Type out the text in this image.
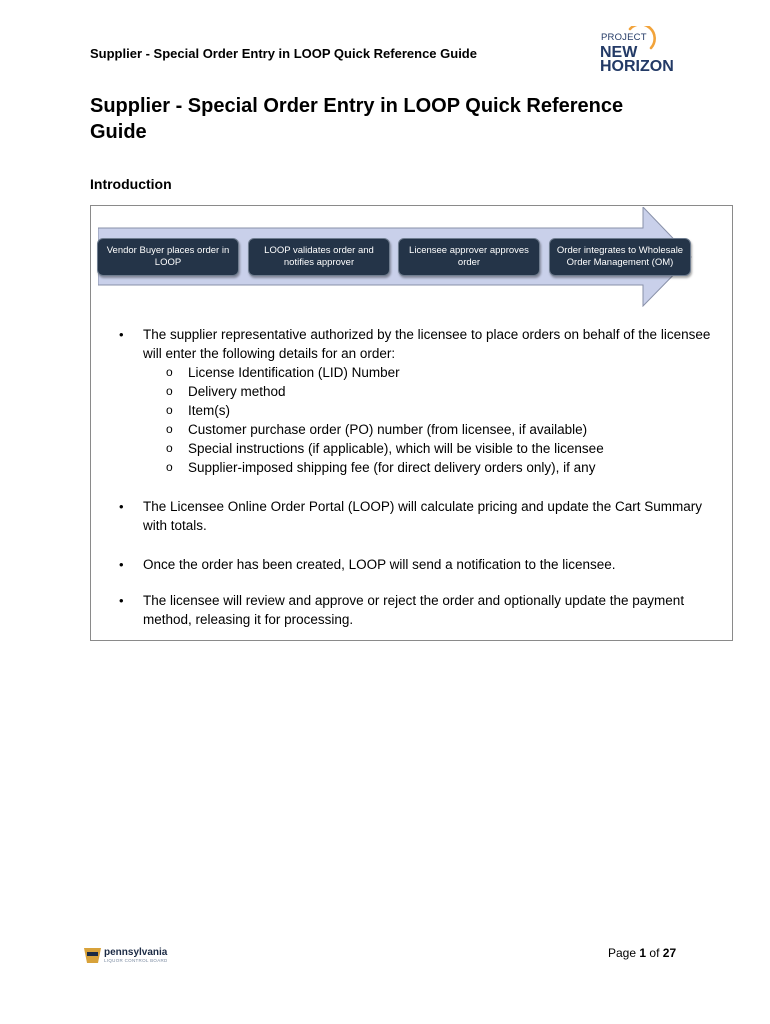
Supplier - Special Order Entry in LOOP Quick Reference Guide
PROJECT
NEW
HORIZON
Supplier - Special Order Entry in LOOP Quick Reference Guide
Introduction
Vendor Buyer places order in LOOP
LOOP validates order and notifies approver
Licensee approver approves order
Order integrates to Wholesale Order Management (OM)
• The supplier representative authorized by the licensee to place orders on behalf of the licensee will enter the following details for an order:
o License Identification (LID) Number
o Delivery method
o Item(s)
o Customer purchase order (PO) number (from licensee, if available)
o Special instructions (if applicable), which will be visible to the licensee
o Supplier-imposed shipping fee (for direct delivery orders only), if any
• The Licensee Online Order Portal (LOOP) will calculate pricing and update the Cart Summary with totals.
• Once the order has been created, LOOP will send a notification to the licensee.
• The licensee will review and approve or reject the order and optionally update the payment method, releasing it for processing.
pennsylvania
LIQUOR CONTROL BOARD
Page 1 of 27
